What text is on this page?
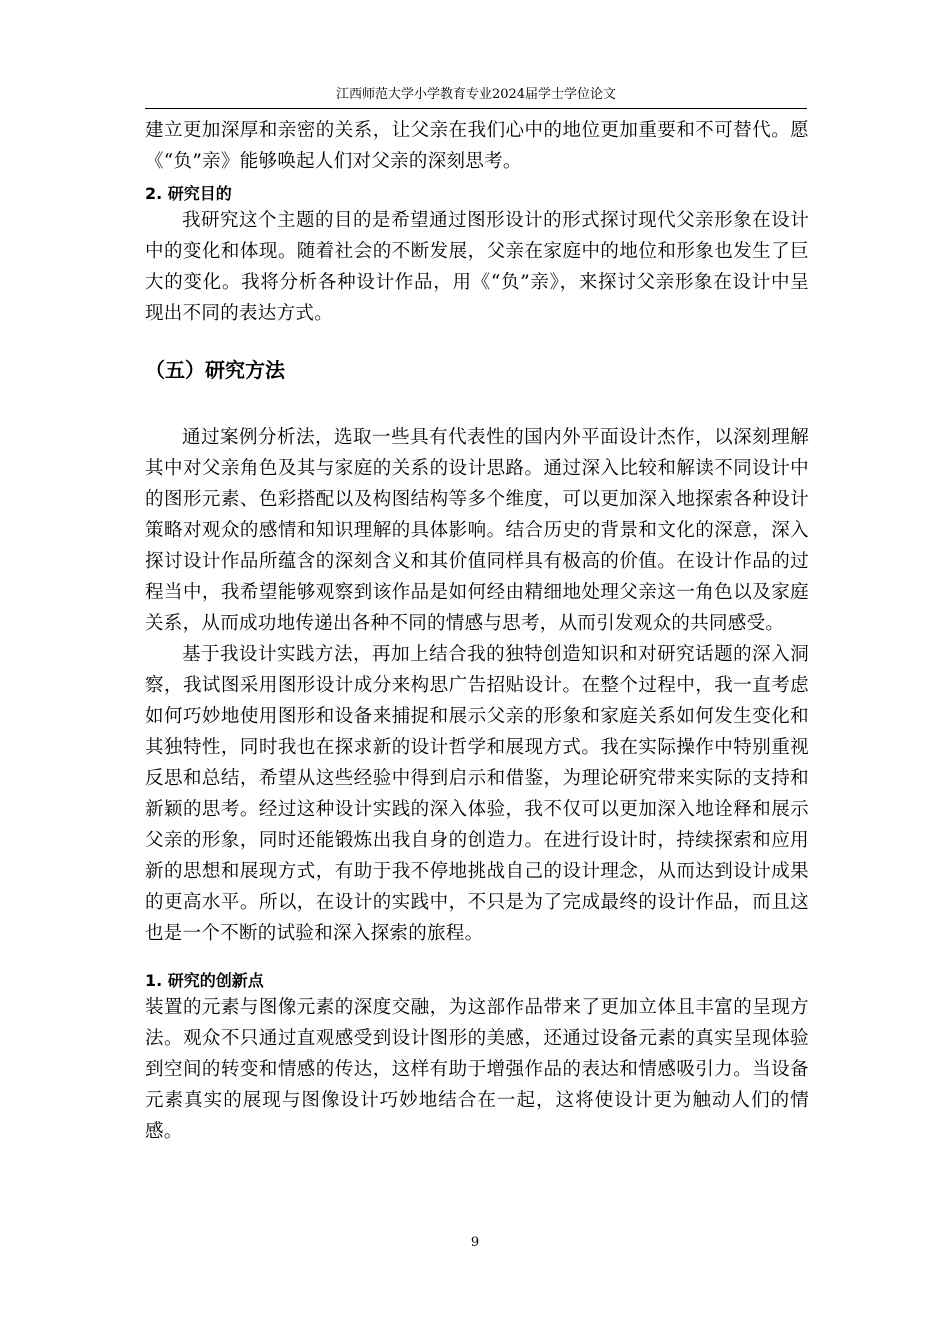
江西师范大学小学教育专业2024届学士学位论文

建立更加深厚和亲密的关系，让父亲在我们心中的地位更加重要和不可替代。愿《“负”亲》能够唤起人们对父亲的深刻思考。

2. 研究目的

我研究这个主题的目的是希望通过图形设计的形式探讨现代父亲形象在设计中的变化和体现。随着社会的不断发展，父亲在家庭中的地位和形象也发生了巨大的变化。我将分析各种设计作品，用《“负”亲》，来探讨父亲形象在设计中呈现出不同的表达方式。

（五）研究方法

通过案例分析法，选取一些具有代表性的国内外平面设计杰作，以深刻理解其中对父亲角色及其与家庭的关系的设计思路。通过深入比较和解读不同设计中的图形元素、色彩搭配以及构图结构等多个维度，可以更加深入地探索各种设计策略对观众的感情和知识理解的具体影响。结合历史的背景和文化的深意，深入探讨设计作品所蕴含的深刻含义和其价值同样具有极高的价值。在设计作品的过程当中，我希望能够观察到该作品是如何经由精细地处理父亲这一角色以及家庭关系，从而成功地传递出各种不同的情感与思考，从而引发观众的共同感受。

基于我设计实践方法，再加上结合我的独特创造知识和对研究话题的深入洞察，我试图采用图形设计成分来构思广告招贴设计。在整个过程中，我一直考虑如何巧妙地使用图形和设备来捕捉和展示父亲的形象和家庭关系如何发生变化和其独特性，同时我也在探求新的设计哲学和展现方式。我在实际操作中特别重视反思和总结，希望从这些经验中得到启示和借鉴，为理论研究带来实际的支持和新颖的思考。经过这种设计实践的深入体验，我不仅可以更加深入地诠释和展示父亲的形象，同时还能锻炼出我自身的创造力。在进行设计时，持续探索和应用新的思想和展现方式，有助于我不停地挑战自己的设计理念，从而达到设计成果的更高水平。所以，在设计的实践中，不只是为了完成最终的设计作品，而且这也是一个不断的试验和深入探索的旅程。

1. 研究的创新点

装置的元素与图像元素的深度交融，为这部作品带来了更加立体且丰富的呈现方法。观众不只通过直观感受到设计图形的美感，还通过设备元素的真实呈现体验到空间的转变和情感的传达，这样有助于增强作品的表达和情感吸引力。当设备元素真实的展现与图像设计巧妙地结合在一起，这将使设计更为触动人们的情感。

9
